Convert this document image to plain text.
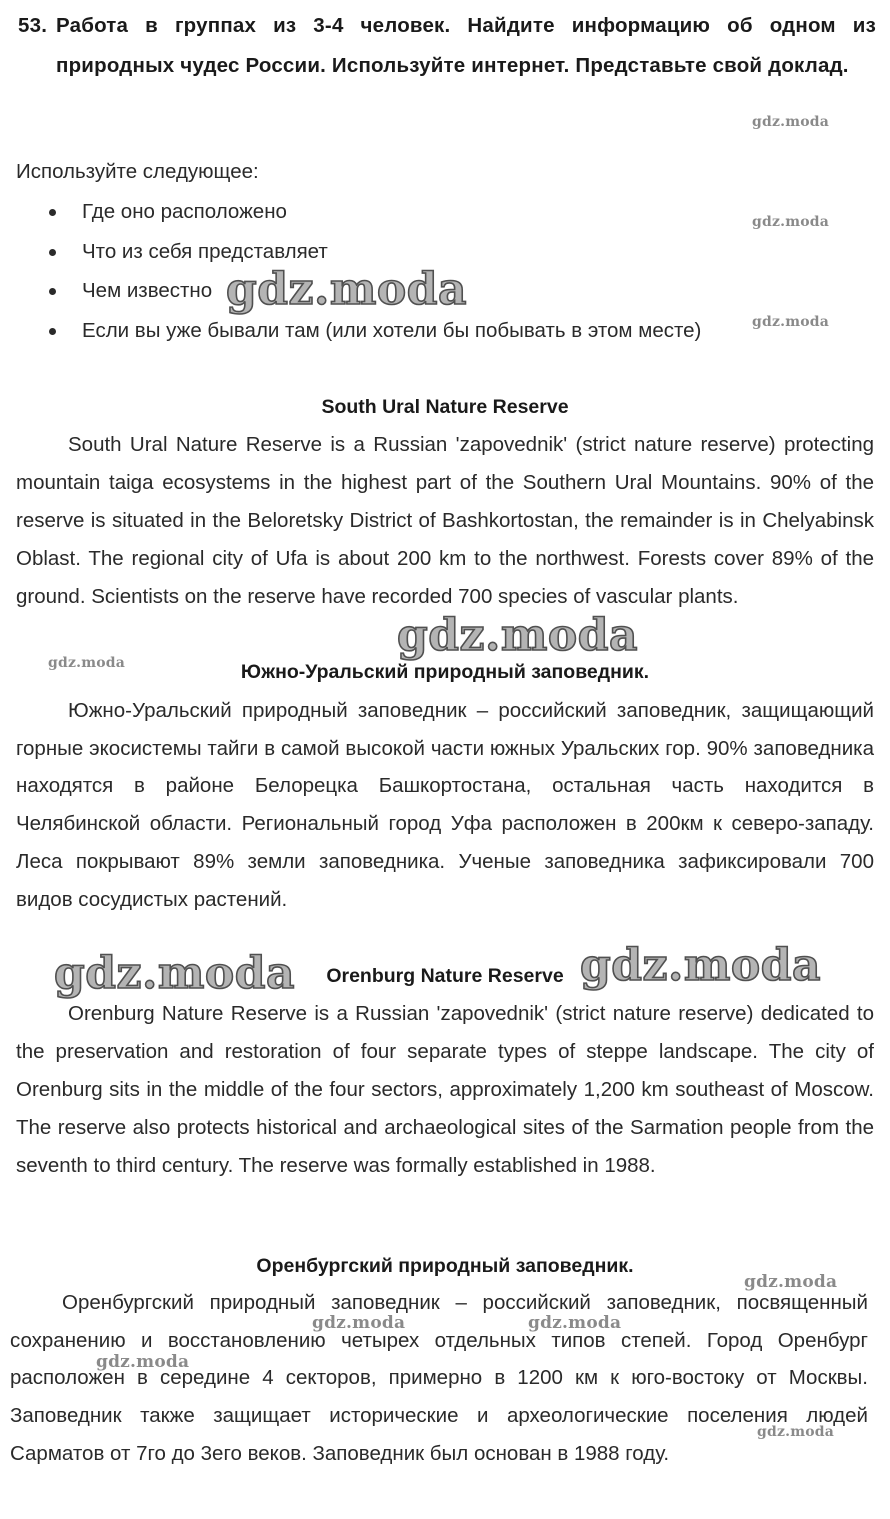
53. Работа в группах из 3-4 человек. Найдите информацию об одном из природных чудес России. Используйте интернет. Представьте свой доклад.
Используйте следующее:
Где оно расположено
Что из себя представляет
Чем известно
Если вы уже бывали там (или хотели бы побывать в этом месте)
South Ural Nature Reserve
South Ural Nature Reserve is a Russian 'zapovednik' (strict nature reserve) protecting mountain taiga ecosystems in the highest part of the Southern Ural Mountains. 90% of the reserve is situated in the Beloretsky District of Bashkortostan, the remainder is in Chelyabinsk Oblast. The regional city of Ufa is about 200 km to the northwest. Forests cover 89% of the ground. Scientists on the reserve have recorded 700 species of vascular plants.
Южно-Уральский природный заповедник.
Южно-Уральский природный заповедник – российский заповедник, защищающий горные экосистемы тайги в самой высокой части южных Уральских гор. 90% заповедника находятся в районе Белорецка Башкортостана, остальная часть находится в Челябинской области. Региональный город Уфа расположен в 200км к северо-западу. Леса покрывают 89% земли заповедника. Ученые заповедника зафиксировали 700 видов сосудистых растений.
Orenburg Nature Reserve
Orenburg Nature Reserve is a Russian 'zapovednik' (strict nature reserve) dedicated to the preservation and restoration of four separate types of steppe landscape. The city of Orenburg sits in the middle of the four sectors, approximately 1,200 km southeast of Moscow. The reserve also protects historical and archaeological sites of the Sarmation people from the seventh to third century. The reserve was formally established in 1988.
Оренбургский природный заповедник.
Оренбургский природный заповедник – российский заповедник, посвященный сохранению и восстановлению четырех отдельных типов степей. Город Оренбург расположен в середине 4 секторов, примерно в 1200 км к юго-востоку от Москвы. Заповедник также защищает исторические и археологические поселения людей Сарматов от 7го до 3его веков. Заповедник был основан в 1988 году.
gdz.moda
gdz.moda
gdz.moda
gdz.moda
gdz.moda
gdz.moda
gdz.moda	gdz.moda
gdz.moda
gdz.moda	gdz.moda
gdz.moda
gdz.moda
